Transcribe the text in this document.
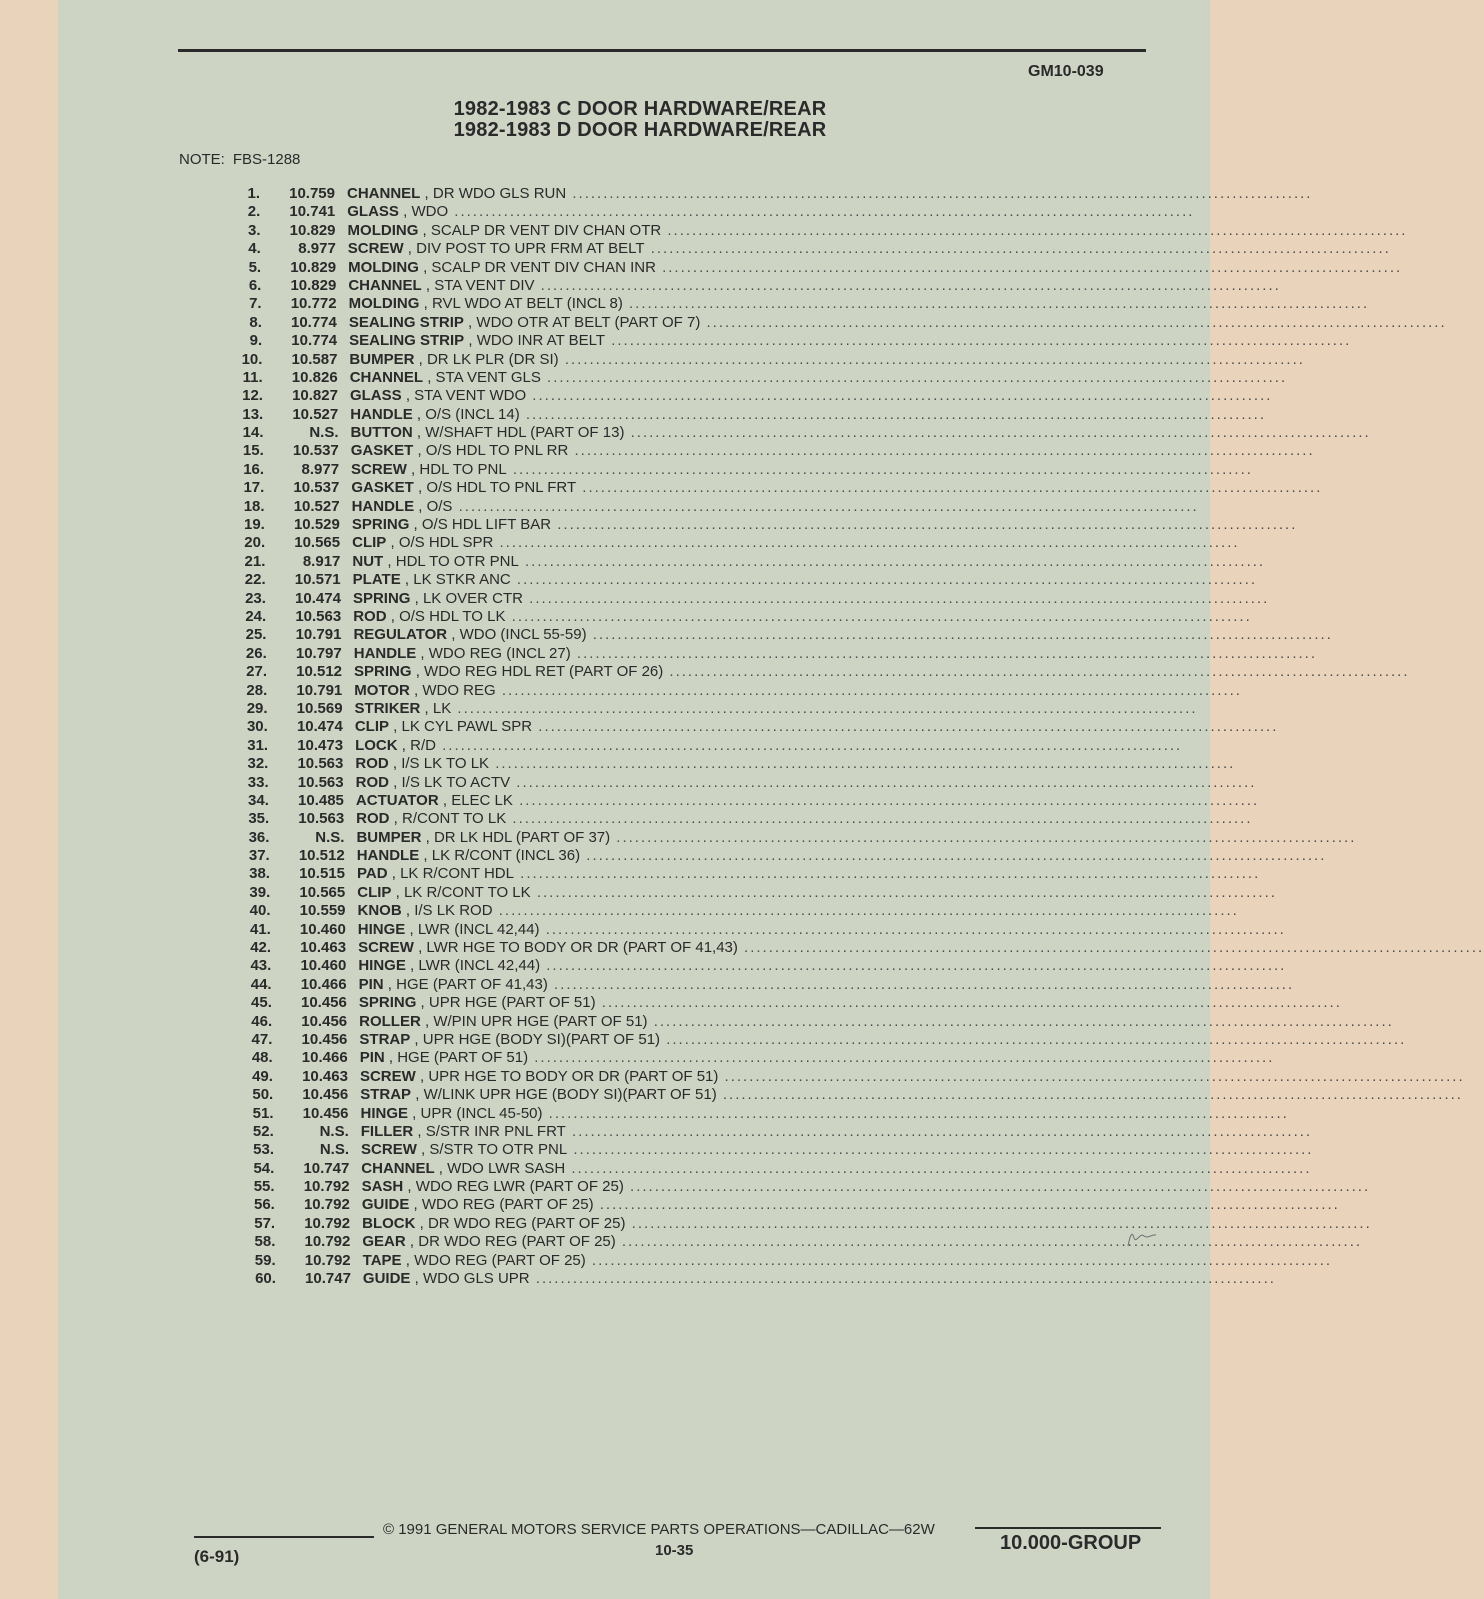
GM10-039
1982-1983 C DOOR HARDWARE/REAR
1982-1983 D DOOR HARDWARE/REAR
NOTE: FBS-1288
1.	10.759 CHANNEL , DR WDO GLS RUN ........................................................................................................................
2.	10.741 GLASS , WDO ........................................................................................................................
3.	10.829 MOLDING , SCALP DR VENT DIV CHAN OTR ........................................................................................................................
4.	8.977 SCREW , DIV POST TO UPR FRM AT BELT ........................................................................................................................
5.	10.829 MOLDING , SCALP DR VENT DIV CHAN INR ........................................................................................................................
6.	10.829 CHANNEL , STA VENT DIV ........................................................................................................................
7.	10.772 MOLDING , RVL WDO AT BELT (INCL 8) ........................................................................................................................
8.	10.774 SEALING STRIP , WDO OTR AT BELT (PART OF 7) ........................................................................................................................
9.	10.774 SEALING STRIP , WDO INR AT BELT ........................................................................................................................
10.	10.587 BUMPER , DR LK PLR (DR SI) ........................................................................................................................
11.	10.826 CHANNEL , STA VENT GLS ........................................................................................................................
12.	10.827 GLASS , STA VENT WDO ........................................................................................................................
13.	10.527 HANDLE , O/S (INCL 14) ........................................................................................................................
14.	N.S. BUTTON , W/SHAFT HDL (PART OF 13) ........................................................................................................................
15.	10.537 GASKET , O/S HDL TO PNL RR ........................................................................................................................
16.	8.977 SCREW , HDL TO PNL ........................................................................................................................
17.	10.537 GASKET , O/S HDL TO PNL FRT ........................................................................................................................
18.	10.527 HANDLE , O/S ........................................................................................................................
19.	10.529 SPRING , O/S HDL LIFT BAR ........................................................................................................................
20.	10.565 CLIP , O/S HDL SPR ........................................................................................................................
21.	8.917 NUT , HDL TO OTR PNL ........................................................................................................................
22.	10.571 PLATE , LK STKR ANC ........................................................................................................................
23.	10.474 SPRING , LK OVER CTR ........................................................................................................................
24.	10.563 ROD , O/S HDL TO LK ........................................................................................................................
25.	10.791 REGULATOR , WDO (INCL 55-59) ........................................................................................................................
26.	10.797 HANDLE , WDO REG (INCL 27) ........................................................................................................................
27.	10.512 SPRING , WDO REG HDL RET (PART OF 26) ........................................................................................................................
28.	10.791 MOTOR , WDO REG ........................................................................................................................
29.	10.569 STRIKER , LK ........................................................................................................................
30.	10.474 CLIP , LK CYL PAWL SPR ........................................................................................................................
31.	10.473 LOCK , R/D ........................................................................................................................
32.	10.563 ROD , I/S LK TO LK ........................................................................................................................
33.	10.563 ROD , I/S LK TO ACTV ........................................................................................................................
34.	10.485 ACTUATOR , ELEC LK ........................................................................................................................
35.	10.563 ROD , R/CONT TO LK ........................................................................................................................
36.	N.S. BUMPER , DR LK HDL (PART OF 37) ........................................................................................................................
37.	10.512 HANDLE , LK R/CONT (INCL 36) ........................................................................................................................
38.	10.515 PAD , LK R/CONT HDL ........................................................................................................................
39.	10.565 CLIP , LK R/CONT TO LK ........................................................................................................................
40.	10.559 KNOB , I/S LK ROD ........................................................................................................................
41.	10.460 HINGE , LWR (INCL 42,44) ........................................................................................................................
42.	10.463 SCREW , LWR HGE TO BODY OR DR (PART OF 41,43) ........................................................................................................................
43.	10.460 HINGE , LWR (INCL 42,44) ........................................................................................................................
44.	10.466 PIN , HGE (PART OF 41,43) ........................................................................................................................
45.	10.456 SPRING , UPR HGE (PART OF 51) ........................................................................................................................
46.	10.456 ROLLER , W/PIN UPR HGE (PART OF 51) ........................................................................................................................
47.	10.456 STRAP , UPR HGE (BODY SI)(PART OF 51) ........................................................................................................................
48.	10.466 PIN , HGE (PART OF 51) ........................................................................................................................
49.	10.463 SCREW , UPR HGE TO BODY OR DR (PART OF 51) ........................................................................................................................
50.	10.456 STRAP , W/LINK UPR HGE (BODY SI)(PART OF 51) ........................................................................................................................
51.	10.456 HINGE , UPR (INCL 45-50) ........................................................................................................................
52.	N.S. FILLER , S/STR INR PNL FRT ........................................................................................................................
53.	N.S. SCREW , S/STR TO OTR PNL ........................................................................................................................
54.	10.747 CHANNEL , WDO LWR SASH ........................................................................................................................
55.	10.792 SASH , WDO REG LWR (PART OF 25) ........................................................................................................................
56.	10.792 GUIDE , WDO REG (PART OF 25) ........................................................................................................................
57.	10.792 BLOCK , DR WDO REG (PART OF 25) ........................................................................................................................
58.	10.792 GEAR , DR WDO REG (PART OF 25) ........................................................................................................................
59.	10.792 TAPE , WDO REG (PART OF 25) ........................................................................................................................
60.	10.747 GUIDE , WDO GLS UPR ........................................................................................................................
(6-91)
© 1991 GENERAL MOTORS SERVICE PARTS OPERATIONS—CADILLAC—62W
10-35	10.000-GROUP
